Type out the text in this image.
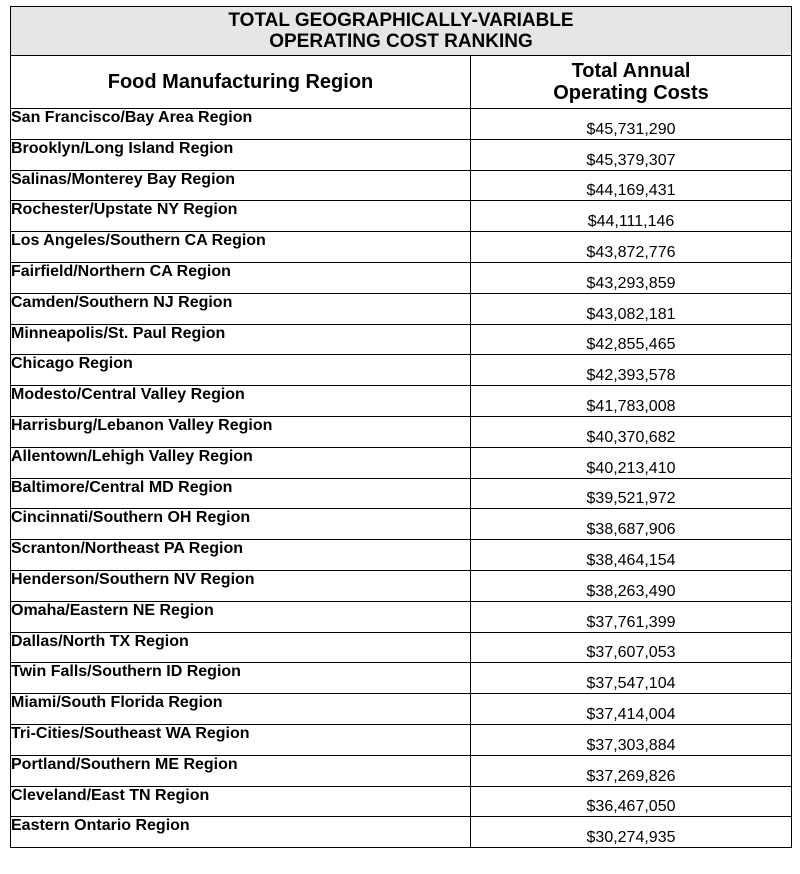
TOTAL GEOGRAPHICALLY-VARIABLE
OPERATING COST RANKING	

Food Manufacturing Region	Total Annual
Operating Costs

San Francisco/Bay Area Region	$45,731,290
Brooklyn/Long Island Region	$45,379,307
Salinas/Monterey Bay Region	$44,169,431
Rochester/Upstate NY Region	$44,111,146
Los Angeles/Southern CA Region	$43,872,776
Fairfield/Northern CA Region	$43,293,859
Camden/Southern NJ Region	$43,082,181
Minneapolis/St. Paul Region	$42,855,465
Chicago Region	$42,393,578
Modesto/Central Valley Region	$41,783,008
Harrisburg/Lebanon Valley Region	$40,370,682
Allentown/Lehigh Valley Region	$40,213,410
Baltimore/Central MD Region	$39,521,972
Cincinnati/Southern OH Region	$38,687,906
Scranton/Northeast PA Region	$38,464,154
Henderson/Southern NV Region	$38,263,490
Omaha/Eastern NE Region	$37,761,399
Dallas/North TX Region	$37,607,053
Twin Falls/Southern ID Region	$37,547,104
Miami/South Florida Region	$37,414,004
Tri-Cities/Southeast WA Region	$37,303,884
Portland/Southern ME Region	$37,269,826
Cleveland/East TN Region	$36,467,050
Eastern Ontario Region	$30,274,935
